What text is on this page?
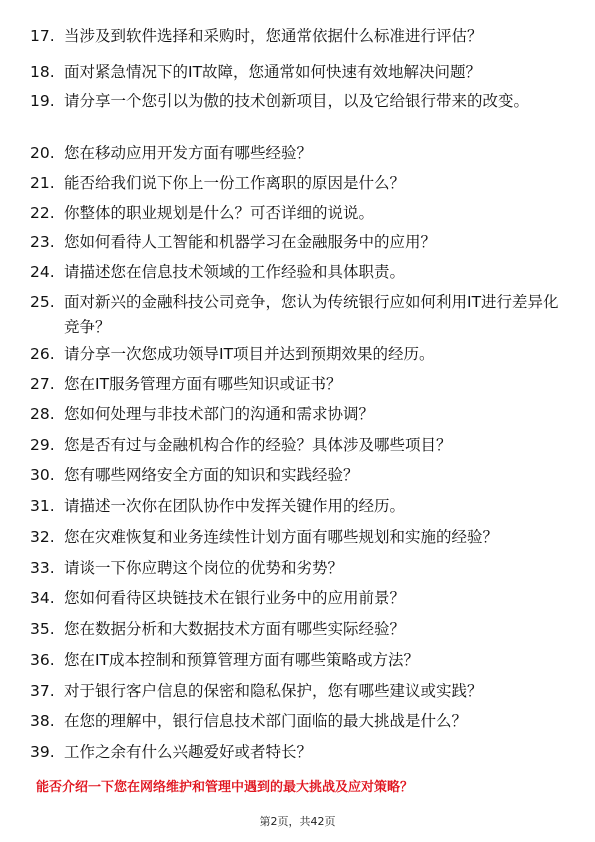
17. 当涉及到软件选择和采购时，您通常依据什么标准进行评估？
18. 面对紧急情况下的IT故障，您通常如何快速有效地解决问题？
19. 请分享一个您引以为傲的技术创新项目，以及它给银行带来的改变。
20. 您在移动应用开发方面有哪些经验？
21. 能否给我们说下你上一份工作离职的原因是什么？
22. 你整体的职业规划是什么？可否详细的说说。
23. 您如何看待人工智能和机器学习在金融服务中的应用？
24. 请描述您在信息技术领域的工作经验和具体职责。
25. 面对新兴的金融科技公司竞争，您认为传统银行应如何利用IT进行差异化竞争？
26. 请分享一次您成功领导IT项目并达到预期效果的经历。
27. 您在IT服务管理方面有哪些知识或证书？
28. 您如何处理与非技术部门的沟通和需求协调？
29. 您是否有过与金融机构合作的经验？具体涉及哪些项目？
30. 您有哪些网络安全方面的知识和实践经验？
31. 请描述一次你在团队协作中发挥关键作用的经历。
32. 您在灾难恢复和业务连续性计划方面有哪些规划和实施的经验？
33. 请谈一下你应聘这个岗位的优势和劣势？
34. 您如何看待区块链技术在银行业务中的应用前景？
35. 您在数据分析和大数据技术方面有哪些实际经验？
36. 您在IT成本控制和预算管理方面有哪些策略或方法？
37. 对于银行客户信息的保密和隐私保护，您有哪些建议或实践？
38. 在您的理解中，银行信息技术部门面临的最大挑战是什么？
39. 工作之余有什么兴趣爱好或者特长？
能否介绍一下您在网络维护和管理中遇到的最大挑战及应对策略？
第2页，共42页
